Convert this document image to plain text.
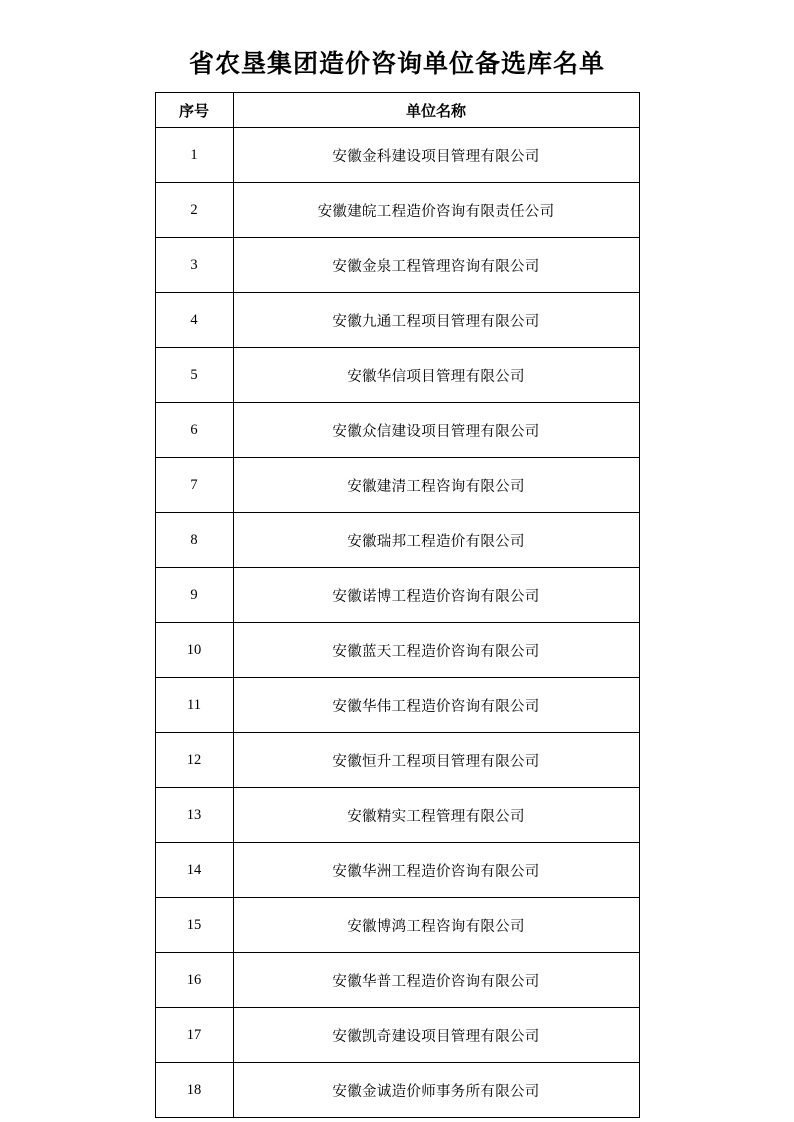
省农垦集团造价咨询单位备选库名单
序号	单位名称
1	安徽金科建设项目管理有限公司
2	安徽建皖工程造价咨询有限责任公司
3	安徽金泉工程管理咨询有限公司
4	安徽九通工程项目管理有限公司
5	安徽华信项目管理有限公司
6	安徽众信建设项目管理有限公司
7	安徽建清工程咨询有限公司
8	安徽瑞邦工程造价有限公司
9	安徽诺博工程造价咨询有限公司
10	安徽蓝天工程造价咨询有限公司
11	安徽华伟工程造价咨询有限公司
12	安徽恒升工程项目管理有限公司
13	安徽精实工程管理有限公司
14	安徽华洲工程造价咨询有限公司
15	安徽博鸿工程咨询有限公司
16	安徽华普工程造价咨询有限公司
17	安徽凯奇建设项目管理有限公司
18	安徽金诚造价师事务所有限公司
